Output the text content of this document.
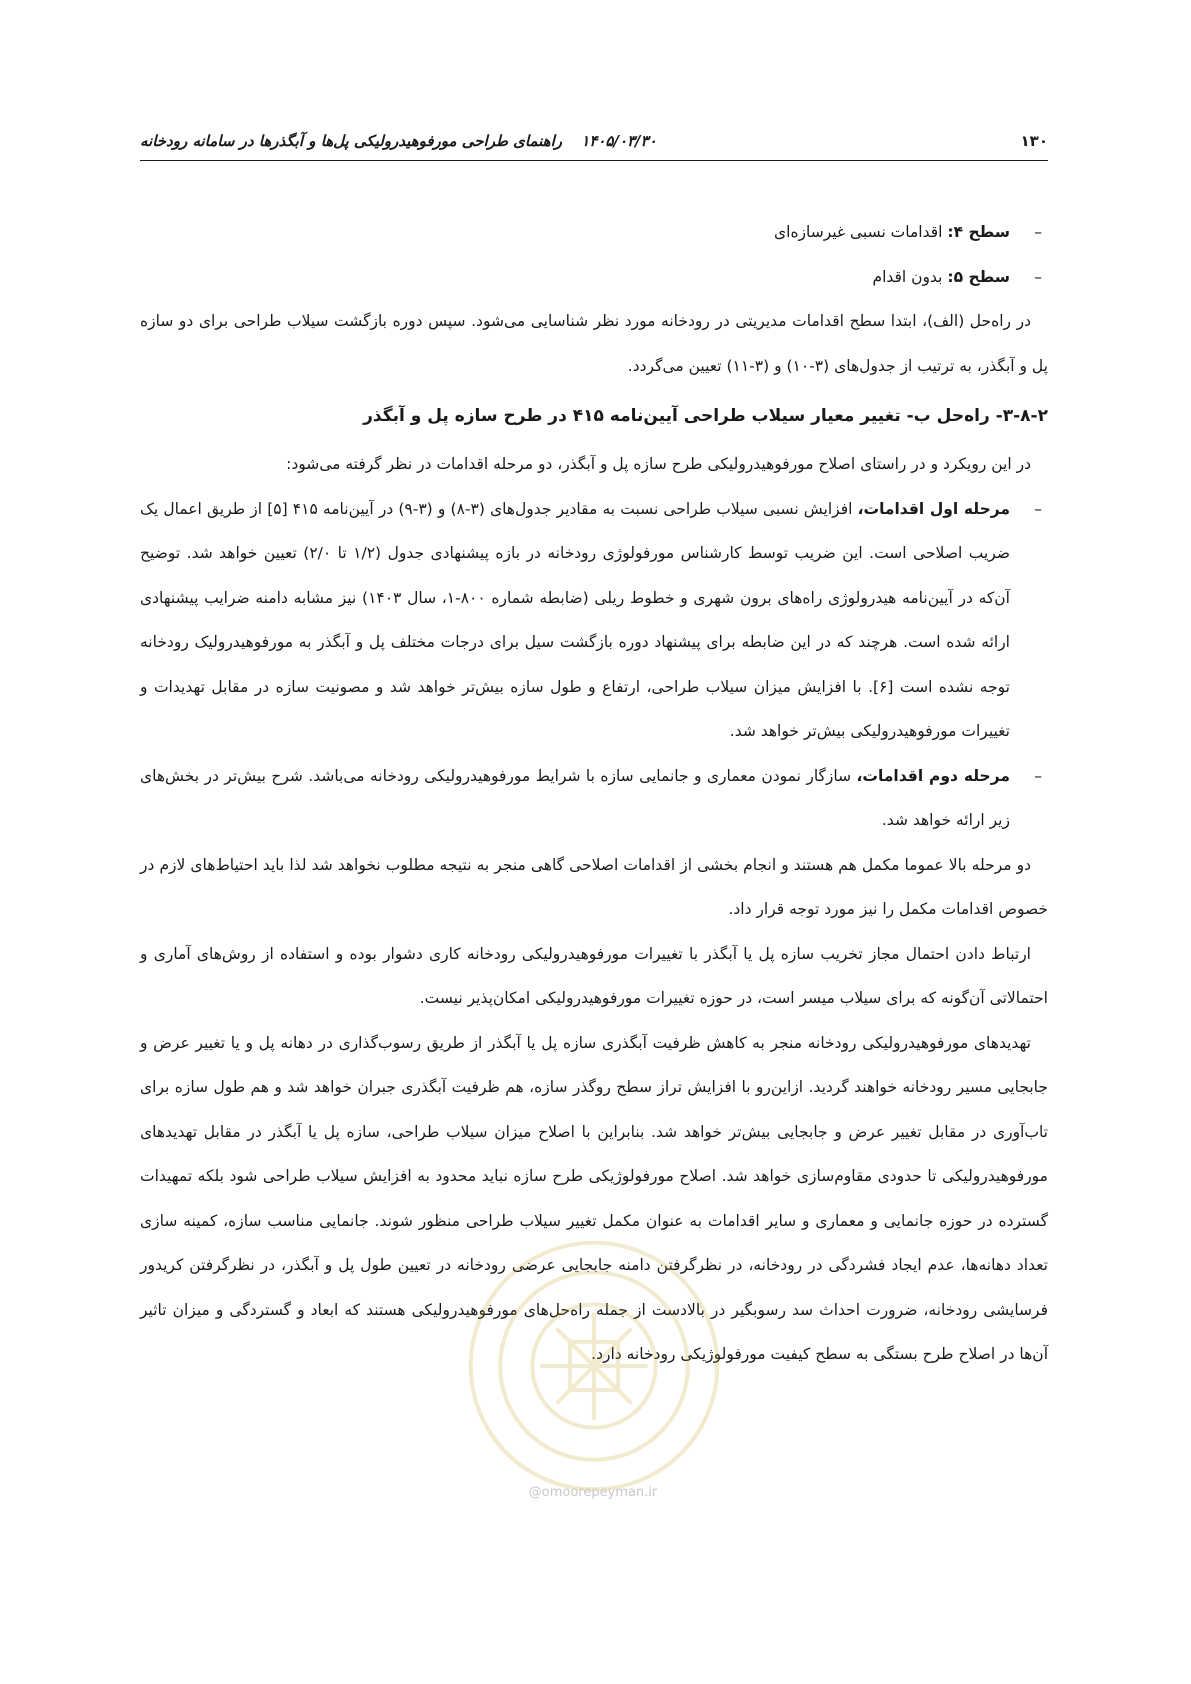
۱۳۰
۱۴۰۵/۰۳/۳۰ راهنمای طراحی مورفوهیدرولیکی پل‌ها و آبگذرها در سامانه رودخانه

–
سطح ۴: اقدامات نسبی غیرسازه‌ای

–
سطح ۵: بدون اقدام

در راه‌حل (الف)، ابتدا سطح اقدامات مدیریتی در رودخانه مورد نظر شناسایی می‌شود. سپس دوره بازگشت سیلاب طراحی برای دو سازه پل و آبگذر، به ترتیب از جدول‌های (۳-۱۰) و (۳-۱۱) تعیین می‌گردد.

۳-۸-۲- راه‌حل ب- تغییر معیار سیلاب طراحی آیین‌نامه ۴۱۵ در طرح سازه پل و آبگذر

در این رویکرد و در راستای اصلاح مورفوهیدرولیکی طرح سازه پل و آبگذر، دو مرحله اقدامات در نظر گرفته می‌شود:

–
مرحله اول اقدامات، افزایش نسبی سیلاب طراحی نسبت به مقادیر جدول‌های (۳-۸) و (۳-۹) در آیین‌نامه ۴۱۵ [۵] از طریق اعمال یک ضریب اصلاحی است. این ضریب توسط کارشناس مورفولوژی رودخانه در بازه پیشنهادی جدول (۱/۲ تا ۲/۰) تعیین خواهد شد. توضیح آن‌که در آیین‌نامه هیدرولوژی راه‌های برون شهری و خطوط ریلی (ضابطه شماره ۸۰۰-۱، سال ۱۴۰۳) نیز مشابه دامنه ضرایب پیشنهادی ارائه شده است. هرچند که در این ضابطه برای پیشنهاد دوره بازگشت سیل برای درجات مختلف پل و آبگذر به مورفوهیدرولیک رودخانه توجه نشده است [۶]. با افزایش میزان سیلاب طراحی، ارتفاع و طول سازه بیش‌تر خواهد شد و مصونیت سازه در مقابل تهدیدات و تغییرات مورفوهیدرولیکی بیش‌تر خواهد شد.

–
مرحله دوم اقدامات، سازگار نمودن معماری و جانمایی سازه با شرایط مورفوهیدرولیکی رودخانه می‌باشد. شرح بیش‌تر در بخش‌های زیر ارائه خواهد شد.

دو مرحله بالا عموما مکمل هم هستند و انجام بخشی از اقدامات اصلاحی گاهی منجر به نتیجه مطلوب نخواهد شد لذا باید احتیاط‌های لازم در خصوص اقدامات مکمل را نیز مورد توجه قرار داد.

ارتباط دادن احتمال مجاز تخریب سازه پل یا آبگذر با تغییرات مورفوهیدرولیکی رودخانه کاری دشوار بوده و استفاده از روش‌های آماری و احتمالاتی آن‌گونه که برای سیلاب میسر است، در حوزه تغییرات مورفوهیدرولیکی امکان‌پذیر نیست.

تهدیدهای مورفوهیدرولیکی رودخانه منجر به کاهش ظرفیت آبگذری سازه پل یا آبگذر از طریق رسوب‌گذاری در دهانه پل و یا تغییر عرض و جابجایی مسیر رودخانه خواهند گردید. ازاین‌رو با افزایش تراز سطح روگذر سازه، هم ظرفیت آبگذری جبران خواهد شد و هم طول سازه برای تاب‌آوری در مقابل تغییر عرض و جابجایی بیش‌تر خواهد شد. بنابراین با اصلاح میزان سیلاب طراحی، سازه پل یا آبگذر در مقابل تهدیدهای مورفوهیدرولیکی تا حدودی مقاوم‌سازی خواهد شد. اصلاح مورفولوژیکی طرح سازه نباید محدود به افزایش سیلاب طراحی شود بلکه تمهیدات گسترده در حوزه جانمایی و معماری و سایر اقدامات به عنوان مکمل تغییر سیلاب طراحی منظور شوند. جانمایی مناسب سازه، کمینه سازی تعداد دهانه‌ها، عدم ایجاد فشردگی در رودخانه، در نظرگرفتن دامنه جابجایی عرضی رودخانه در تعیین طول پل و آبگذر، در نظرگرفتن کریدور فرسایشی رودخانه، ضرورت احداث سد رسوبگیر در بالادست از جمله راه‌حل‌های مورفوهیدرولیکی هستند که ابعاد و گستردگی و میزان تاثیر آن‌ها در اصلاح طرح بستگی به سطح کیفیت مورفولوژیکی رودخانه دارد.

@omoorepeyman.ir
